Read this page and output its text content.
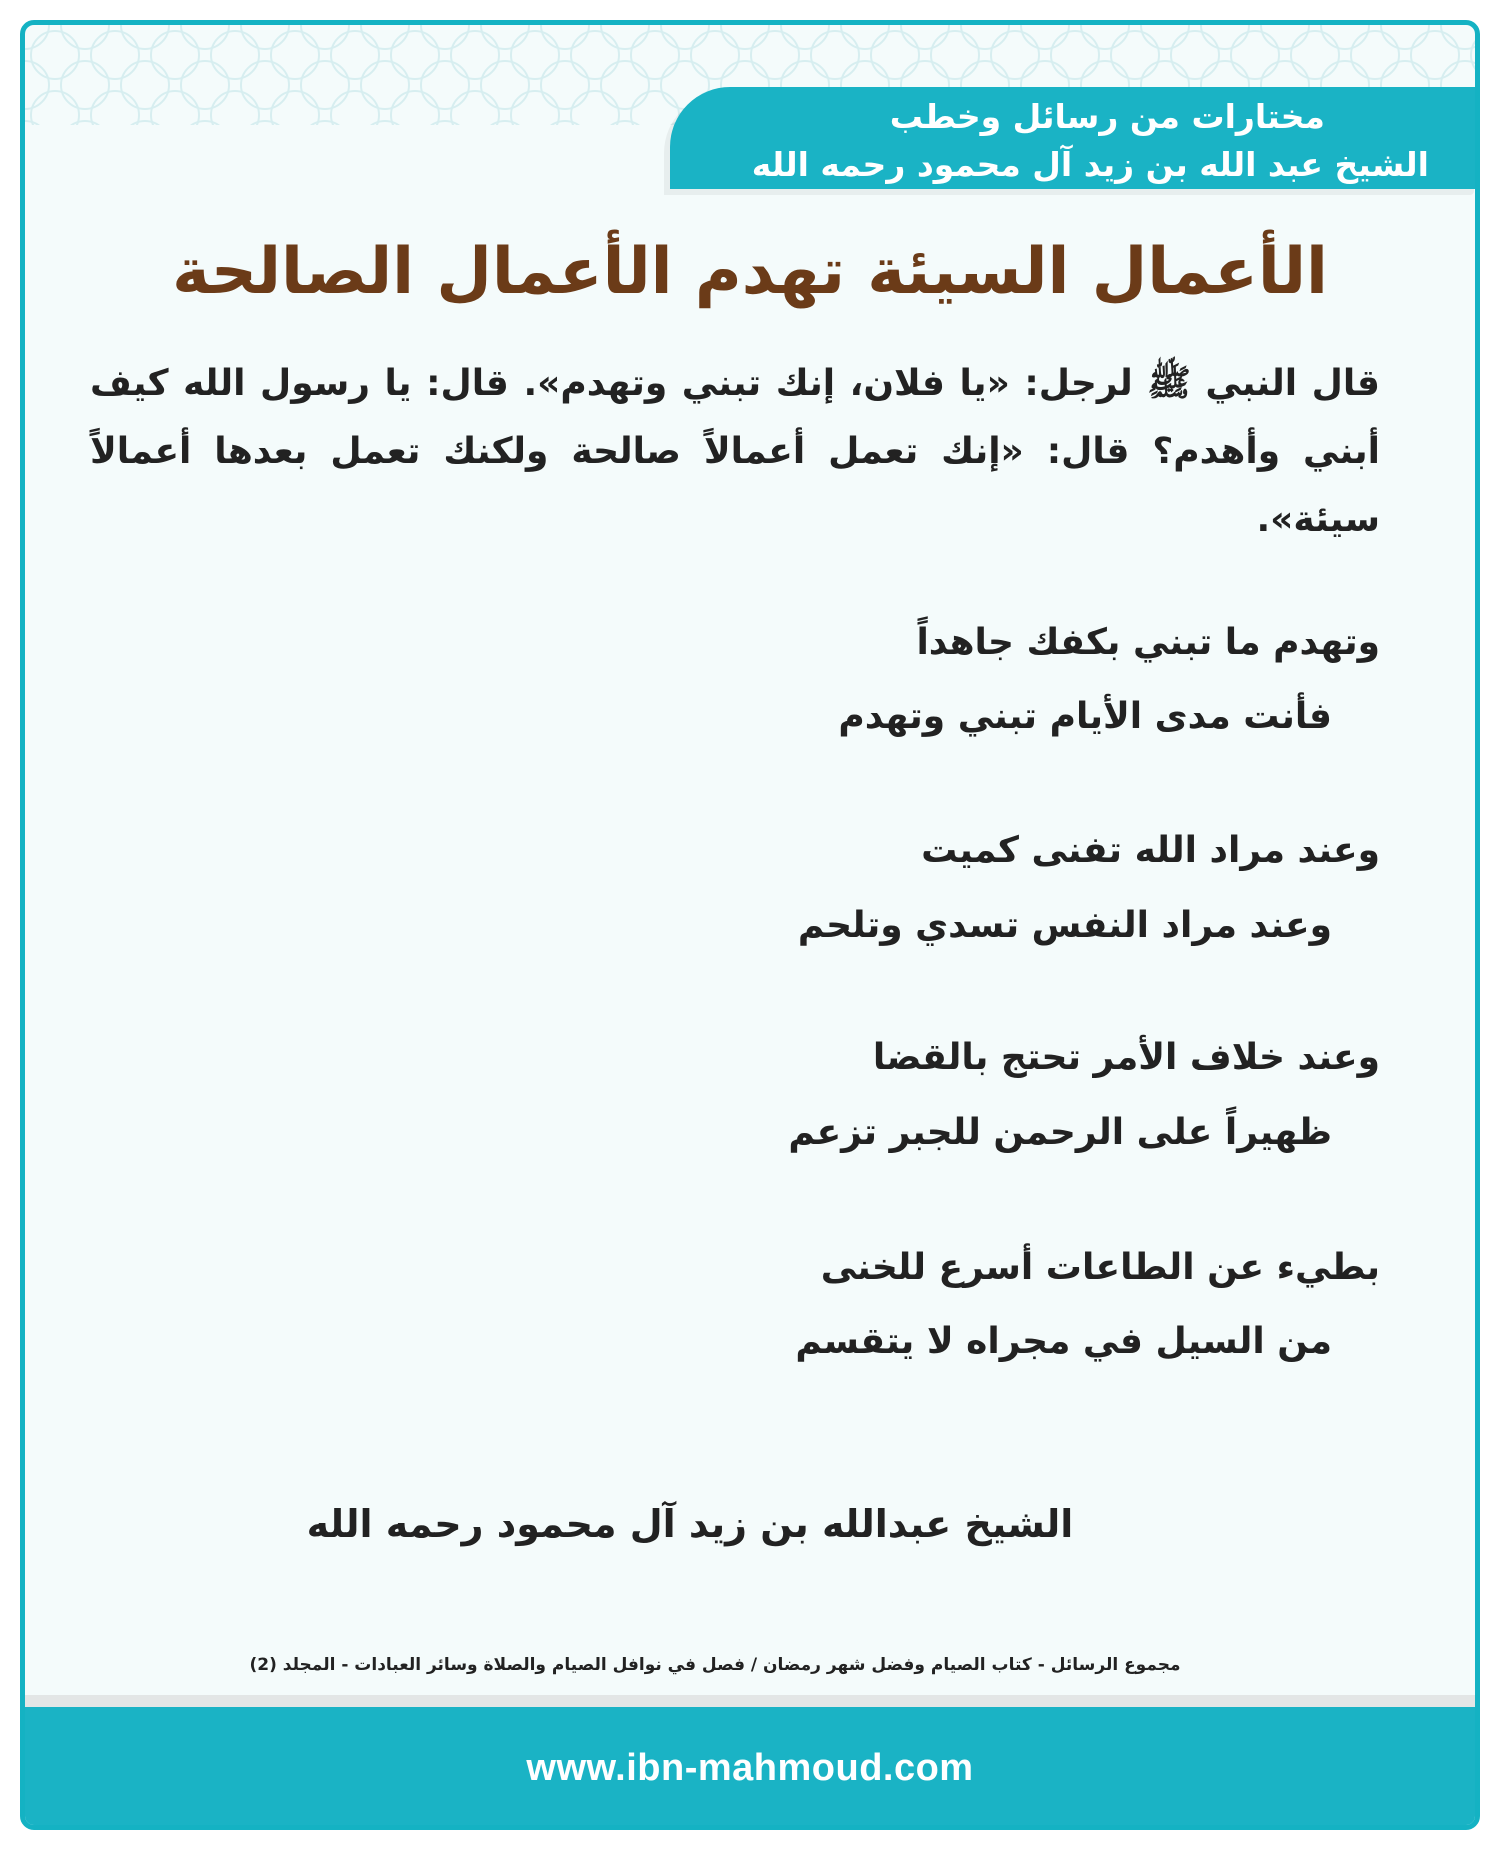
مختارات من رسائل وخطب
الشيخ عبد الله بن زيد آل محمود رحمه الله
الأعمال السيئة تهدم الأعمال الصالحة
قال النبي ﷺ لرجل: «يا فلان، إنك تبني وتهدم». قال: يا رسول الله كيف أبني وأهدم؟ قال: «إنك تعمل أعمالاً صالحة ولكنك تعمل بعدها أعمالاً سيئة».
وتهدم ما تبني بكفك جاهداً
فأنت مدى الأيام تبني وتهدم
وعند مراد الله تفنى كميت
وعند مراد النفس تسدي وتلحم
وعند خلاف الأمر تحتج بالقضا
ظهيراً على الرحمن للجبر تزعم
بطيء عن الطاعات أسرع للخنى
من السيل في مجراه لا يتقسم
الشيخ عبدالله بن زيد آل محمود رحمه الله
مجموع الرسائل - كتاب الصيام وفضل شهر رمضان / فصل في نوافل الصيام والصلاة وسائر العبادات - المجلد (2)
www.ibn-mahmoud.com
